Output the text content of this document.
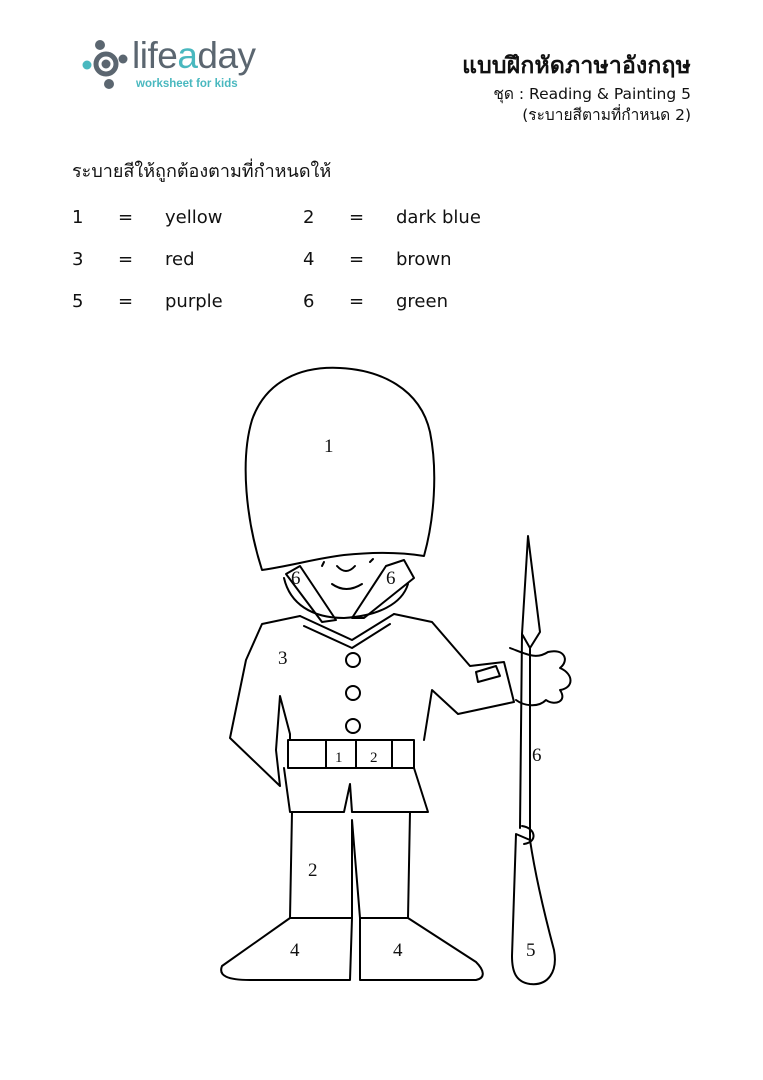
lifeaday
worksheet for kids
แบบฝึกหัดภาษาอังกฤษ
ชุด : Reading & Painting 5
(ระบายสีตามที่กำหนด 2)
ระบายสีให้ถูกต้องตามที่กำหนดให้
1 = yellow	2 = dark blue
3 = red	4 = brown
5 = purple	6 = green
1
6	6
3
1 2
2
4	4
6
5
